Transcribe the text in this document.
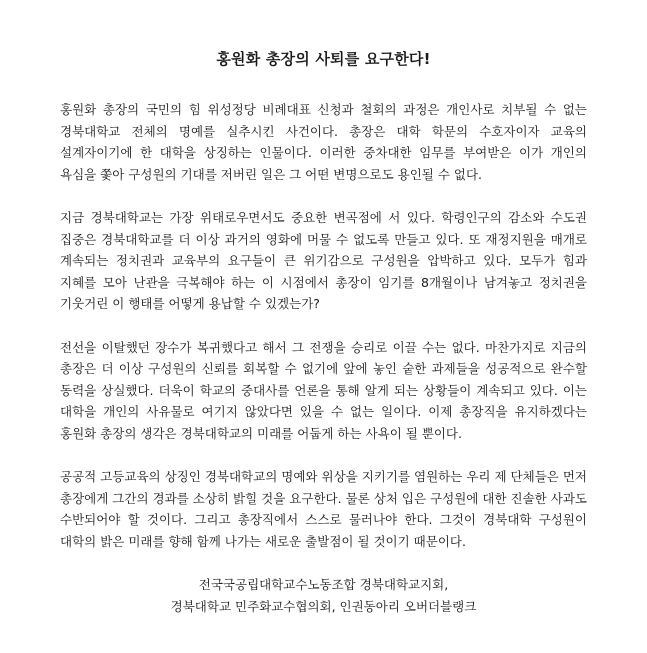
홍원화 총장의 사퇴를 요구한다!

홍원화 총장의 국민의 힘 위성정당 비례대표 신청과 철회의 과정은 개인사로 치부될 수 없는 경북대학교 전체의 명예를 실추시킨 사건이다. 총장은 대학 학문의 수호자이자 교육의 설계자이기에 한 대학을 상징하는 인물이다. 이러한 중차대한 임무를 부여받은 이가 개인의 욕심을 쫓아 구성원의 기대를 저버린 일은 그 어떤 변명으로도 용인될 수 없다.

지금 경북대학교는 가장 위태로우면서도 중요한 변곡점에 서 있다. 학령인구의 감소와 수도권 집중은 경북대학교를 더 이상 과거의 영화에 머물 수 없도록 만들고 있다. 또 재정지원을 매개로 계속되는 정치권과 교육부의 요구들이 큰 위기감으로 구성원을 압박하고 있다. 모두가 힘과 지혜를 모아 난관을 극복해야 하는 이 시점에서 총장이 임기를 8개월이나 남겨놓고 정치권을 기웃거린 이 행태를 어떻게 용납할 수 있겠는가?

전선을 이탈했던 장수가 복귀했다고 해서 그 전쟁을 승리로 이끌 수는 없다. 마찬가지로 지금의 총장은 더 이상 구성원의 신뢰를 회복할 수 없기에 앞에 놓인 숱한 과제들을 성공적으로 완수할 동력을 상실했다. 더욱이 학교의 중대사를 언론을 통해 알게 되는 상황들이 계속되고 있다. 이는 대학을 개인의 사유물로 여기지 않았다면 있을 수 없는 일이다. 이제 총장직을 유지하겠다는 홍원화 총장의 생각은 경북대학교의 미래를 어둡게 하는 사욕이 될 뿐이다.

공공적 고등교육의 상징인 경북대학교의 명예와 위상을 지키기를 염원하는 우리 제 단체들은 먼저 총장에게 그간의 경과를 소상히 밝힐 것을 요구한다. 물론 상처 입은 구성원에 대한 진솔한 사과도 수반되어야 할 것이다. 그리고 총장직에서 스스로 물러나야 한다. 그것이 경북대학 구성원이 대학의 밝은 미래를 향해 함께 나가는 새로운 출발점이 될 것이기 때문이다.

전국국공립대학교수노동조합 경북대학교지회,
경북대학교 민주화교수협의회, 인권동아리 오버더블랭크
